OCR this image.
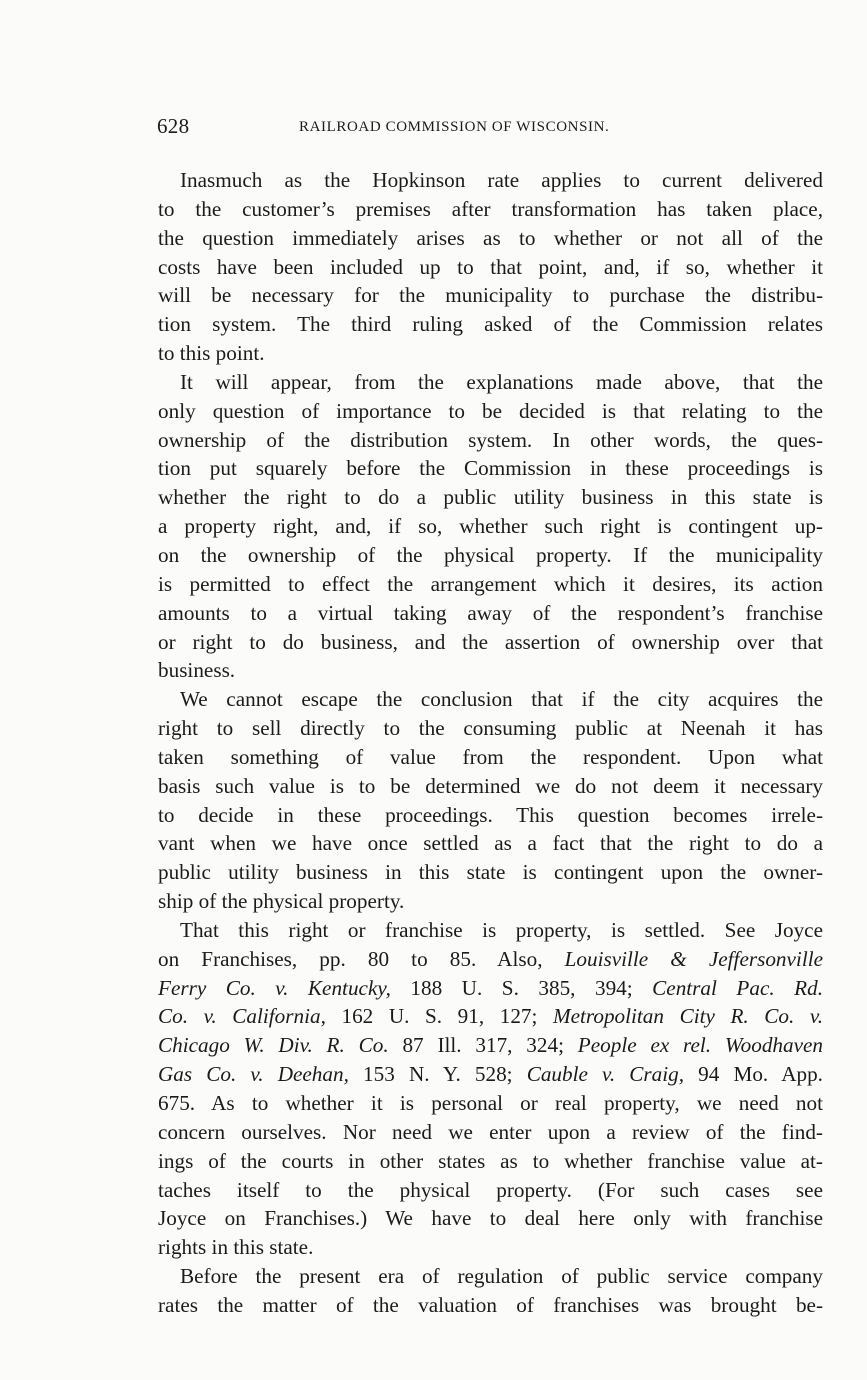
628	RAILROAD COMMISSION OF WISCONSIN.
Inasmuch as the Hopkinson rate applies to current delivered
to the customer’s premises after transformation has taken place,
the question immediately arises as to whether or not all of the
costs have been included up to that point, and, if so, whether it
will be necessary for the municipality to purchase the distribu-
tion system. The third ruling asked of the Commission relates
to this point.
It will appear, from the explanations made above, that the
only question of importance to be decided is that relating to the
ownership of the distribution system. In other words, the ques-
tion put squarely before the Commission in these proceedings is
whether the right to do a public utility business in this state is
a property right, and, if so, whether such right is contingent up-
on the ownership of the physical property. If the municipality
is permitted to effect the arrangement which it desires, its action
amounts to a virtual taking away of the respondent’s franchise
or right to do business, and the assertion of ownership over that
business.
We cannot escape the conclusion that if the city acquires the
right to sell directly to the consuming public at Neenah it has
taken something of value from the respondent. Upon what
basis such value is to be determined we do not deem it necessary
to decide in these proceedings. This question becomes irrele-
vant when we have once settled as a fact that the right to do a
public utility business in this state is contingent upon the owner-
ship of the physical property.
That this right or franchise is property, is settled. See Joyce
on Franchises, pp. 80 to 85. Also, Louisville & Jeffersonville
Ferry Co. v. Kentucky, 188 U. S. 385, 394; Central Pac. Rd.
Co. v. California, 162 U. S. 91, 127; Metropolitan City R. Co. v.
Chicago W. Div. R. Co. 87 Ill. 317, 324; People ex rel. Woodhaven
Gas Co. v. Deehan, 153 N. Y. 528; Cauble v. Craig, 94 Mo. App.
675. As to whether it is personal or real property, we need not
concern ourselves. Nor need we enter upon a review of the find-
ings of the courts in other states as to whether franchise value at-
taches itself to the physical property. (For such cases see
Joyce on Franchises.) We have to deal here only with franchise
rights in this state.
Before the present era of regulation of public service company
rates the matter of the valuation of franchises was brought be-
